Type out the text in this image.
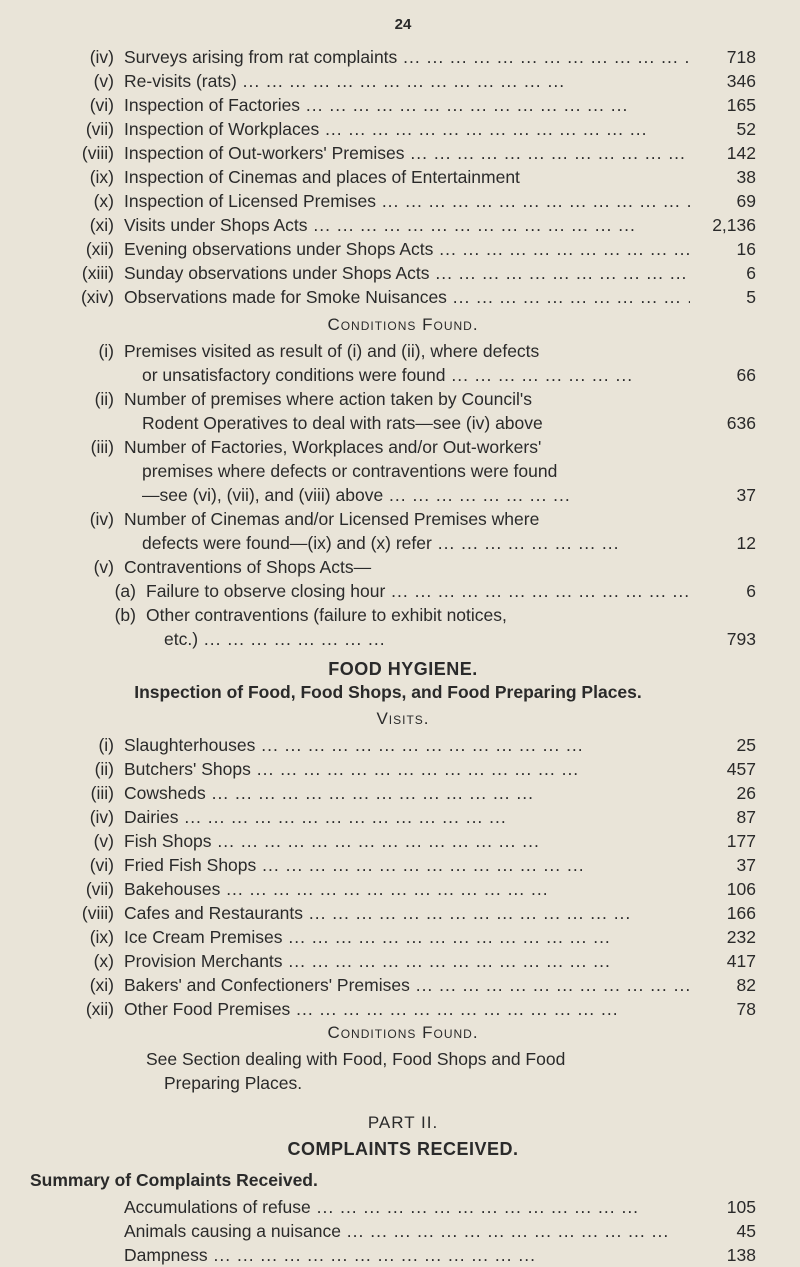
24
(iv) Surveys arising from rat complaints ...	718
(v) Re-visits (rats) ...	346
(vi) Inspection of Factories ...	165
(vii) Inspection of Workplaces ...	52
(viii) Inspection of Out-workers' Premises ...	142
(ix) Inspection of Cinemas and places of Entertainment	38
(x) Inspection of Licensed Premises ...	69
(xi) Visits under Shops Acts ...	2,136
(xii) Evening observations under Shops Acts ...	16
(xiii) Sunday observations under Shops Acts ...	6
(xiv) Observations made for Smoke Nuisances ...	5
Conditions Found.
(i) Premises visited as result of (i) and (ii), where defects
or unsatisfactory conditions were found ...	66
(ii) Number of premises where action taken by Council's
Rodent Operatives to deal with rats—see (iv) above	636
(iii) Number of Factories, Workplaces and/or Out-workers'
premises where defects or contraventions were found
—see (vi), (vii), and (viii) above ...	37
(iv) Number of Cinemas and/or Licensed Premises where
defects were found—(ix) and (x) refer ...	12
(v) Contraventions of Shops Acts—
(a) Failure to observe closing hour ...	6
(b) Other contraventions (failure to exhibit notices,
etc.) ...	793
FOOD HYGIENE.
Inspection of Food, Food Shops, and Food Preparing Places.
Visits.
(i) Slaughterhouses ...	25
(ii) Butchers' Shops ...	457
(iii) Cowsheds ...	26
(iv) Dairies ...	87
(v) Fish Shops ...	177
(vi) Fried Fish Shops ...	37
(vii) Bakehouses ...	106
(viii) Cafes and Restaurants ...	166
(ix) Ice Cream Premises ...	232
(x) Provision Merchants ...	417
(xi) Bakers' and Confectioners' Premises ...	82
(xii) Other Food Premises ...	78
Conditions Found.
See Section dealing with Food, Food Shops and Food
Preparing Places.
PART II.
COMPLAINTS RECEIVED.
Summary of Complaints Received.
Accumulations of refuse ...	105
Animals causing a nuisance ...	45
Dampness ...	138
